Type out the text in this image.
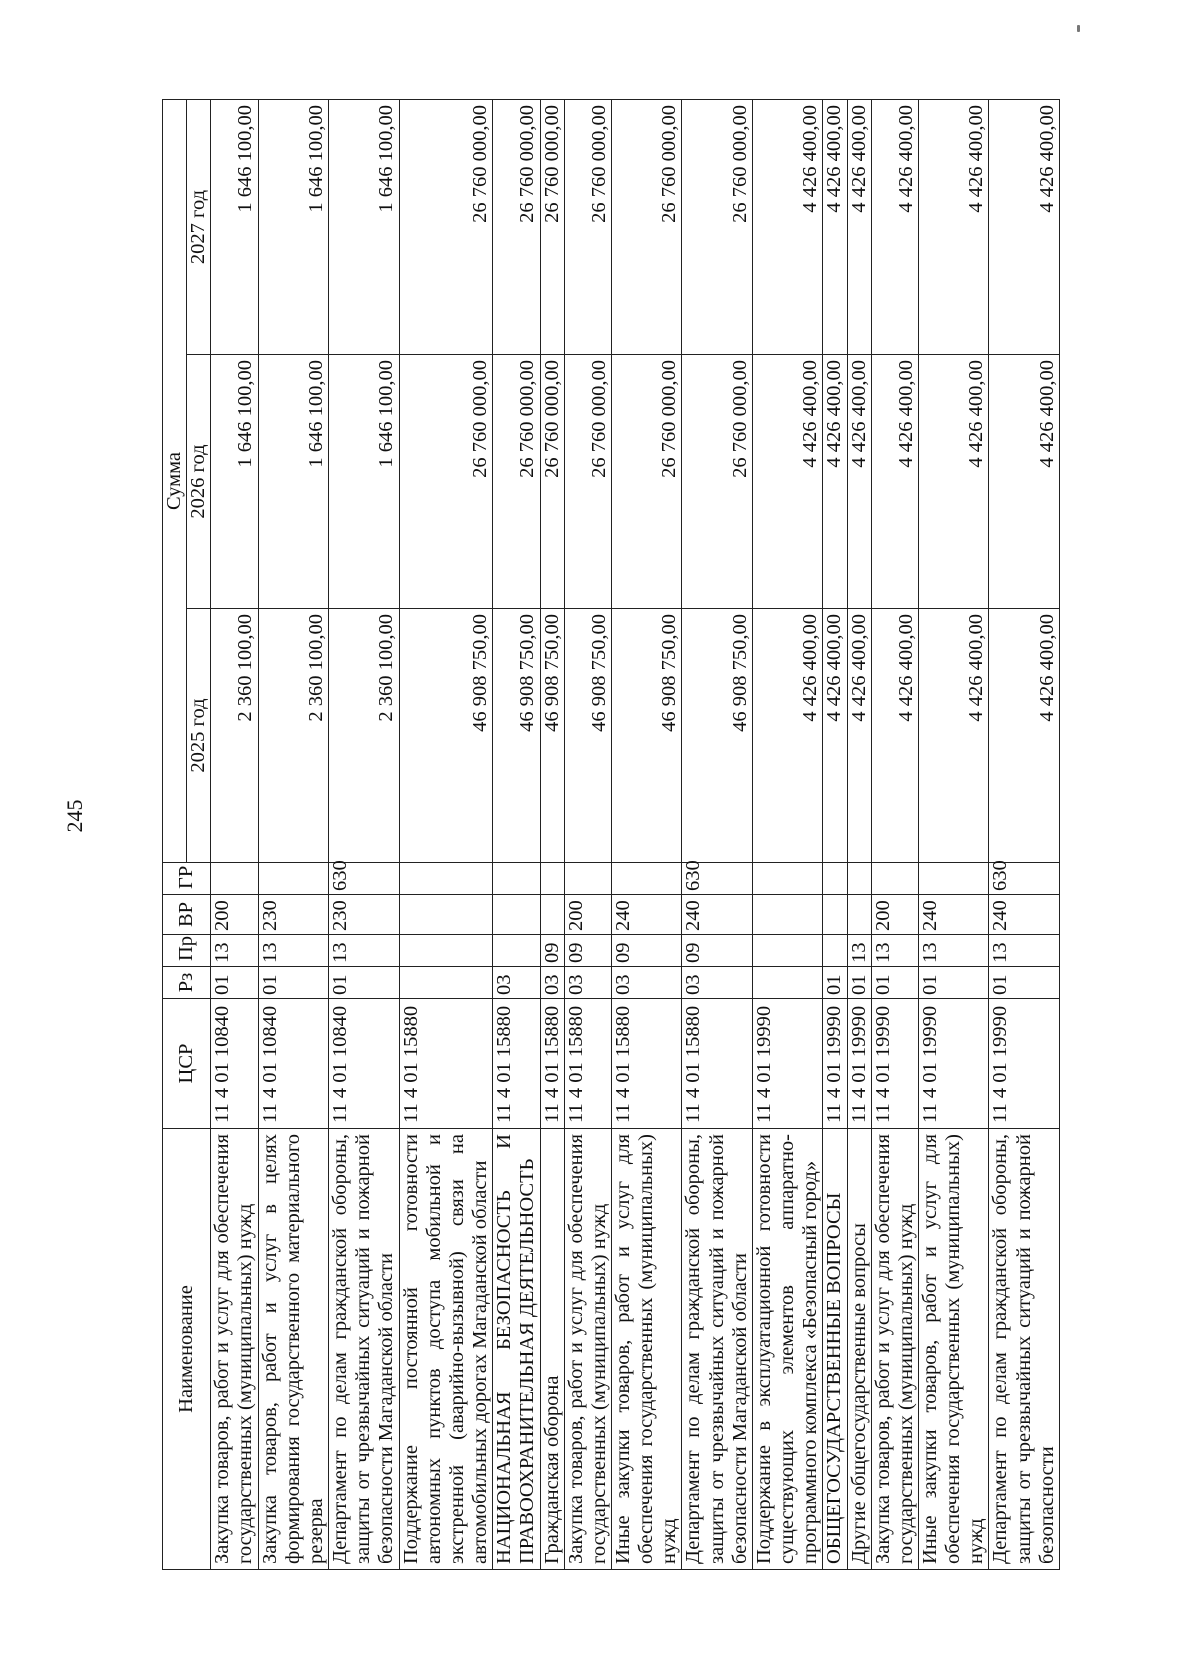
245
Наименование	ЦСР	Рз	Пр	ВР	ГР	Сумма		
						2025 год	2026 год	2027 год
Закупка товаров, работ и услуг для обеспечения государственных (муниципальных) нужд	11 4 01 10840	01	13	200		2 360 100,00	1 646 100,00	1 646 100,00
Закупка товаров, работ и услуг в целях формирования государственного материального резерва	11 4 01 10840	01	13	230		2 360 100,00	1 646 100,00	1 646 100,00
Департамент по делам гражданской обороны, защиты от чрезвычайных ситуаций и пожарной безопасности Магаданской области	11 4 01 10840	01	13	230	630	2 360 100,00	1 646 100,00	1 646 100,00
Поддержание постоянной готовности автономных пунктов доступа мобильной и экстренной (аварийно-вызывной) связи на автомобильных дорогах Магаданской области	11 4 01 15880					46 908 750,00	26 760 000,00	26 760 000,00
НАЦИОНАЛЬНАЯ БЕЗОПАСНОСТЬ И ПРАВООХРАНИТЕЛЬНАЯ ДЕЯТЕЛЬНОСТЬ	11 4 01 15880	03				46 908 750,00	26 760 000,00	26 760 000,00
Гражданская оборона	11 4 01 15880	03	09			46 908 750,00	26 760 000,00	26 760 000,00
Закупка товаров, работ и услуг для обеспечения государственных (муниципальных) нужд	11 4 01 15880	03	09	200		46 908 750,00	26 760 000,00	26 760 000,00
Иные закупки товаров, работ и услуг для обеспечения государственных (муниципальных) нужд	11 4 01 15880	03	09	240		46 908 750,00	26 760 000,00	26 760 000,00
Департамент по делам гражданской обороны, защиты от чрезвычайных ситуаций и пожарной безопасности Магаданской области	11 4 01 15880	03	09	240	630	46 908 750,00	26 760 000,00	26 760 000,00
Поддержание в эксплуатационной готовности существующих элементов аппаратно-программного комплекса «Безопасный город»	11 4 01 19990					4 426 400,00	4 426 400,00	4 426 400,00
ОБЩЕГОСУДАРСТВЕННЫЕ ВОПРОСЫ	11 4 01 19990	01				4 426 400,00	4 426 400,00	4 426 400,00
Другие общегосударственные вопросы	11 4 01 19990	01	13			4 426 400,00	4 426 400,00	4 426 400,00
Закупка товаров, работ и услуг для обеспечения государственных (муниципальных) нужд	11 4 01 19990	01	13	200		4 426 400,00	4 426 400,00	4 426 400,00
Иные закупки товаров, работ и услуг для обеспечения государственных (муниципальных) нужд	11 4 01 19990	01	13	240		4 426 400,00	4 426 400,00	4 426 400,00
Департамент по делам гражданской обороны, защиты от чрезвычайных ситуаций и пожарной безопасности	11 4 01 19990	01	13	240	630	4 426 400,00	4 426 400,00	4 426 400,00
